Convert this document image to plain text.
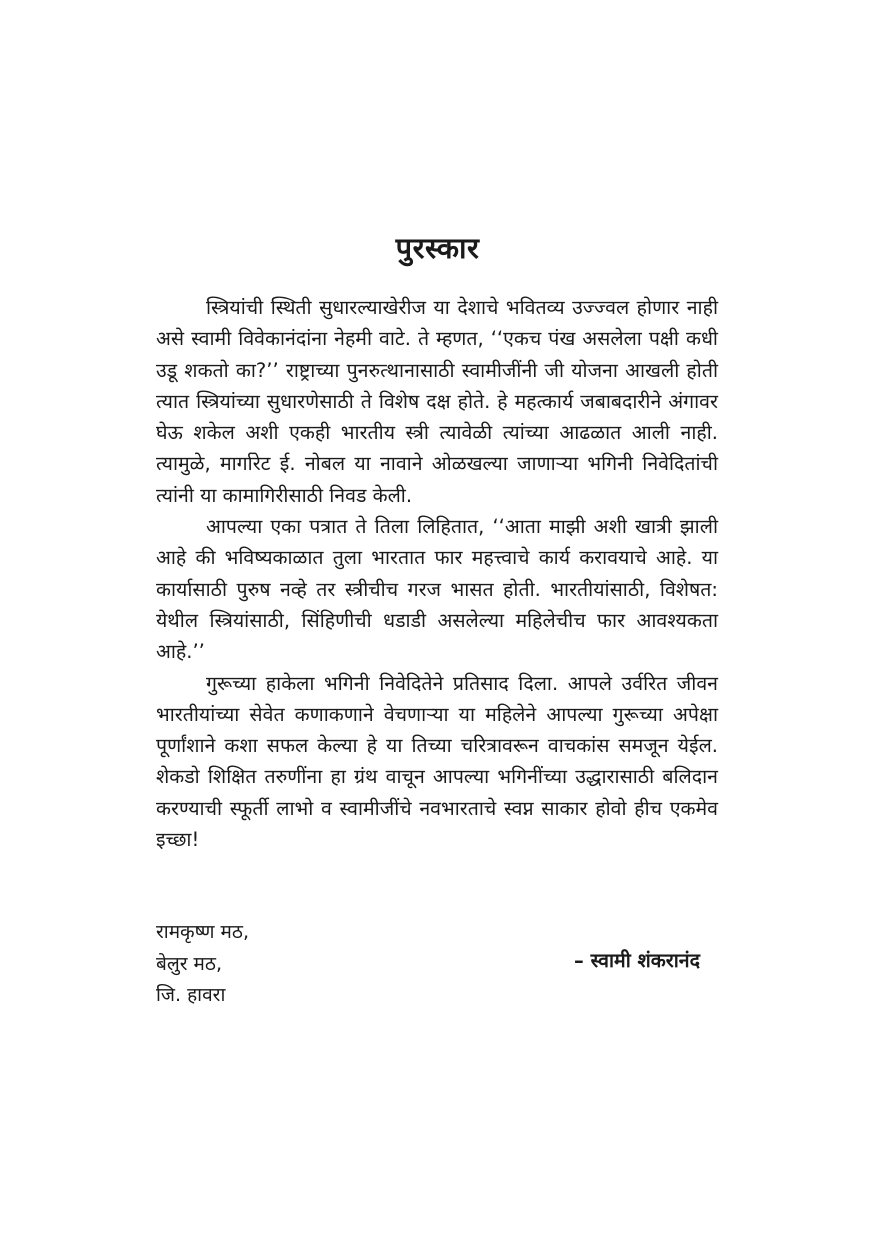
पुरस्कार

स्त्रियांची स्थिती सुधारल्याखेरीज या देशाचे भवितव्य उज्ज्वल होणार नाही असे स्वामी विवेकानंदांना नेहमी वाटे. ते म्हणत, ‘‘एकच पंख असलेला पक्षी कधी उडू शकतो का?’’ राष्ट्राच्या पुनरुत्थानासाठी स्वामीजींनी जी योजना आखली होती त्यात स्त्रियांच्या सुधारणेसाठी ते विशेष दक्ष होते. हे महत्कार्य जबाबदारीने अंगावर घेऊ शकेल अशी एकही भारतीय स्त्री त्यावेळी त्यांच्या आढळात आली नाही. त्यामुळे, मार्गारेट ई. नोबल या नावाने ओळखल्या जाणाऱ्या भगिनी निवेदितांची त्यांनी या कामागिरीसाठी निवड केली.

आपल्या एका पत्रात ते तिला लिहितात, ‘‘आता माझी अशी खात्री झाली आहे की भविष्यकाळात तुला भारतात फार महत्त्वाचे कार्य करावयाचे आहे. या कार्यासाठी पुरुष नव्हे तर स्त्रीचीच गरज भासत होती. भारतीयांसाठी, विशेषत: येथील स्त्रियांसाठी, सिंहिणीची धडाडी असलेल्या महिलेचीच फार आवश्यकता आहे.’’

गुरूच्या हाकेला भगिनी निवेदितेने प्रतिसाद दिला. आपले उर्वरित जीवन भारतीयांच्या सेवेत कणाकणाने वेचणाऱ्या या महिलेने आपल्या गुरूच्या अपेक्षा पूर्णांशाने कशा सफल केल्या हे या तिच्या चरित्रावरून वाचकांस समजून येईल. शेकडो शिक्षित तरुणींना हा ग्रंथ वाचून आपल्या भगिनींच्या उद्धारासाठी बलिदान करण्याची स्फूर्ती लाभो व स्वामीजींचे नवभारताचे स्वप्न साकार होवो हीच एकमेव इच्छा!

रामकृष्ण मठ,
बेलुर मठ,
जि. हावरा
– स्वामी शंकरानंद
